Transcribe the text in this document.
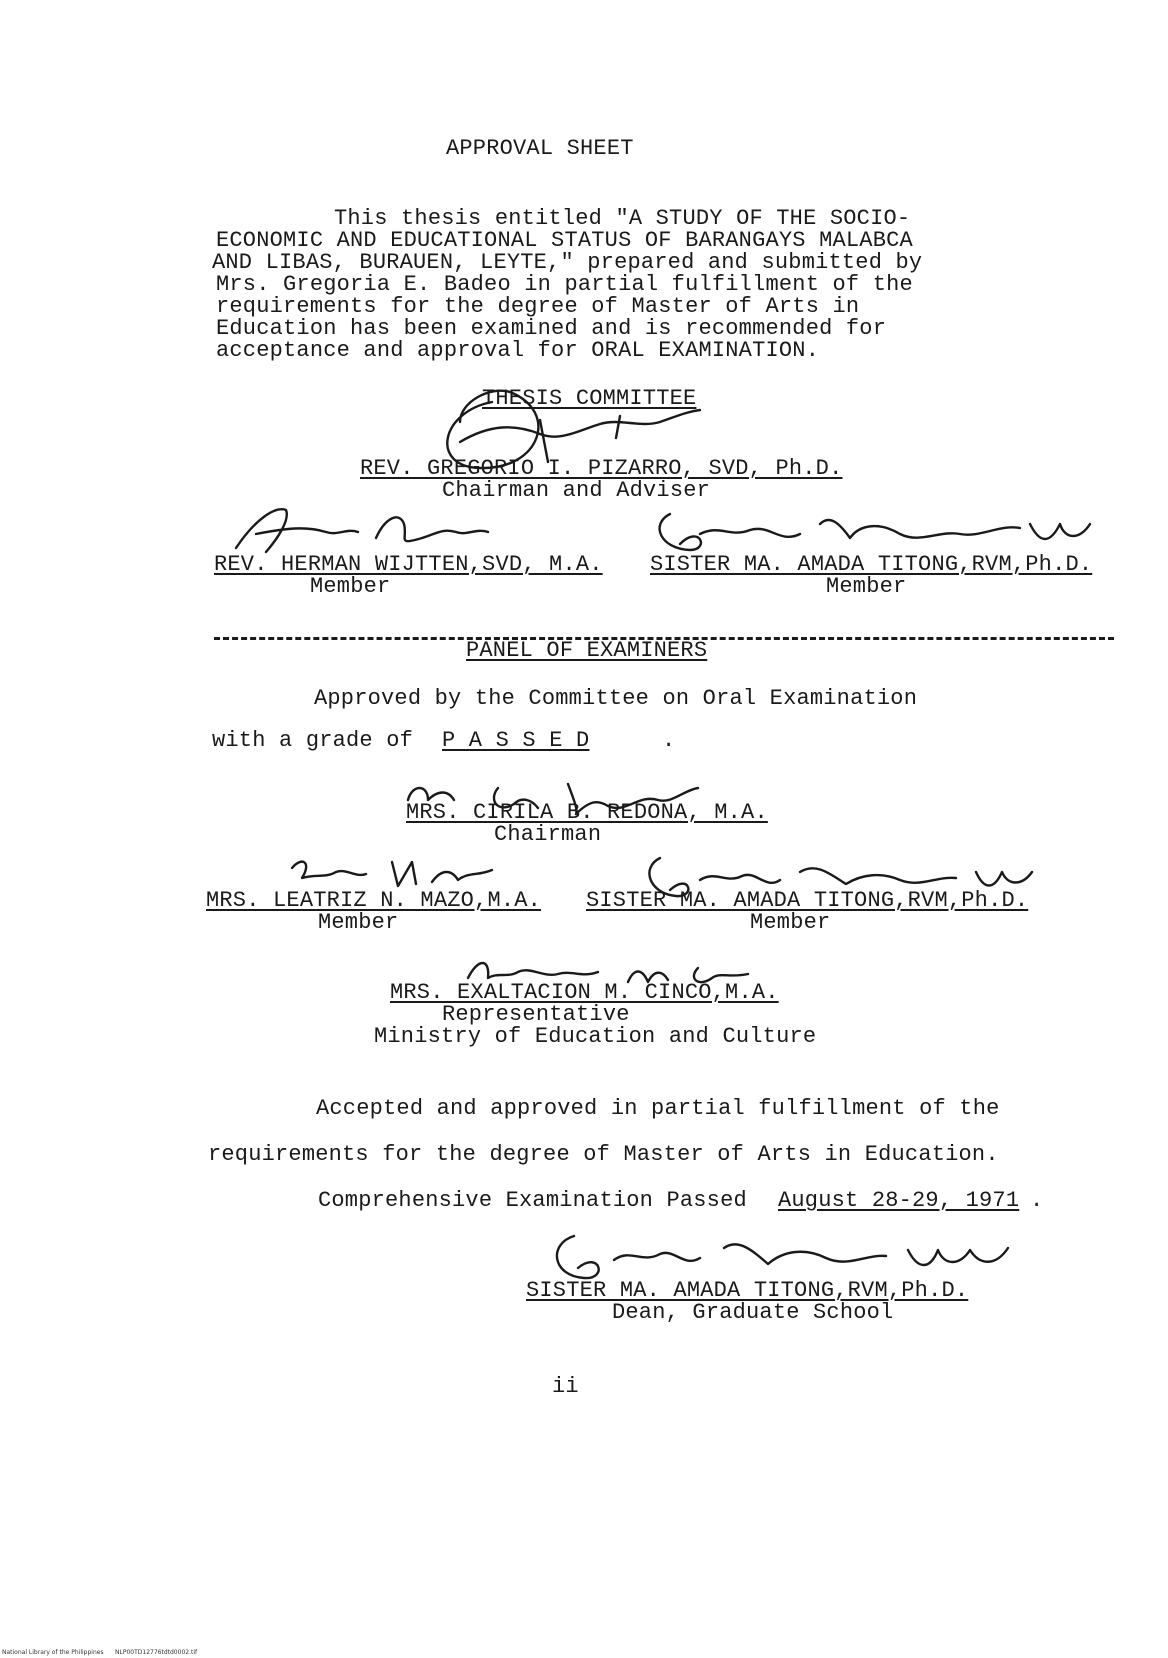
APPROVAL SHEET
This thesis entitled "A STUDY OF THE SOCIO-
ECONOMIC AND EDUCATIONAL STATUS OF BARANGAYS MALABCA
AND LIBAS, BURAUEN, LEYTE," prepared and submitted by
Mrs. Gregoria E. Badeo in partial fulfillment of the
requirements for the degree of Master of Arts in
Education has been examined and is recommended for
acceptance and approval for ORAL EXAMINATION.
THESIS COMMITTEE
REV. GREGORIO I. PIZARRO, SVD, Ph.D.
Chairman and Adviser
REV. HERMAN WIJTTEN,SVD, M.A.
Member
SISTER MA. AMADA TITONG,RVM,Ph.D.
Member
PANEL OF EXAMINERS
Approved by the Committee on Oral Examination
with a grade of P A S S E D	.
MRS. CIRILA B. REDONA, M.A.
Chairman
MRS. LEATRIZ N. MAZO,M.A.
Member
SISTER MA. AMADA TITONG,RVM,Ph.D.
Member
MRS. EXALTACION M. CINCO,M.A.
Representative
Ministry of Education and Culture
Accepted and approved in partial fulfillment of the
requirements for the degree of Master of Arts in Education.
Comprehensive Examination Passed August 28-29, 1971 .
SISTER MA. AMADA TITONG,RVM,Ph.D.
Dean, Graduate School
ii
National Library of the Philippines NLP00TD12776tdtd0002.tif
